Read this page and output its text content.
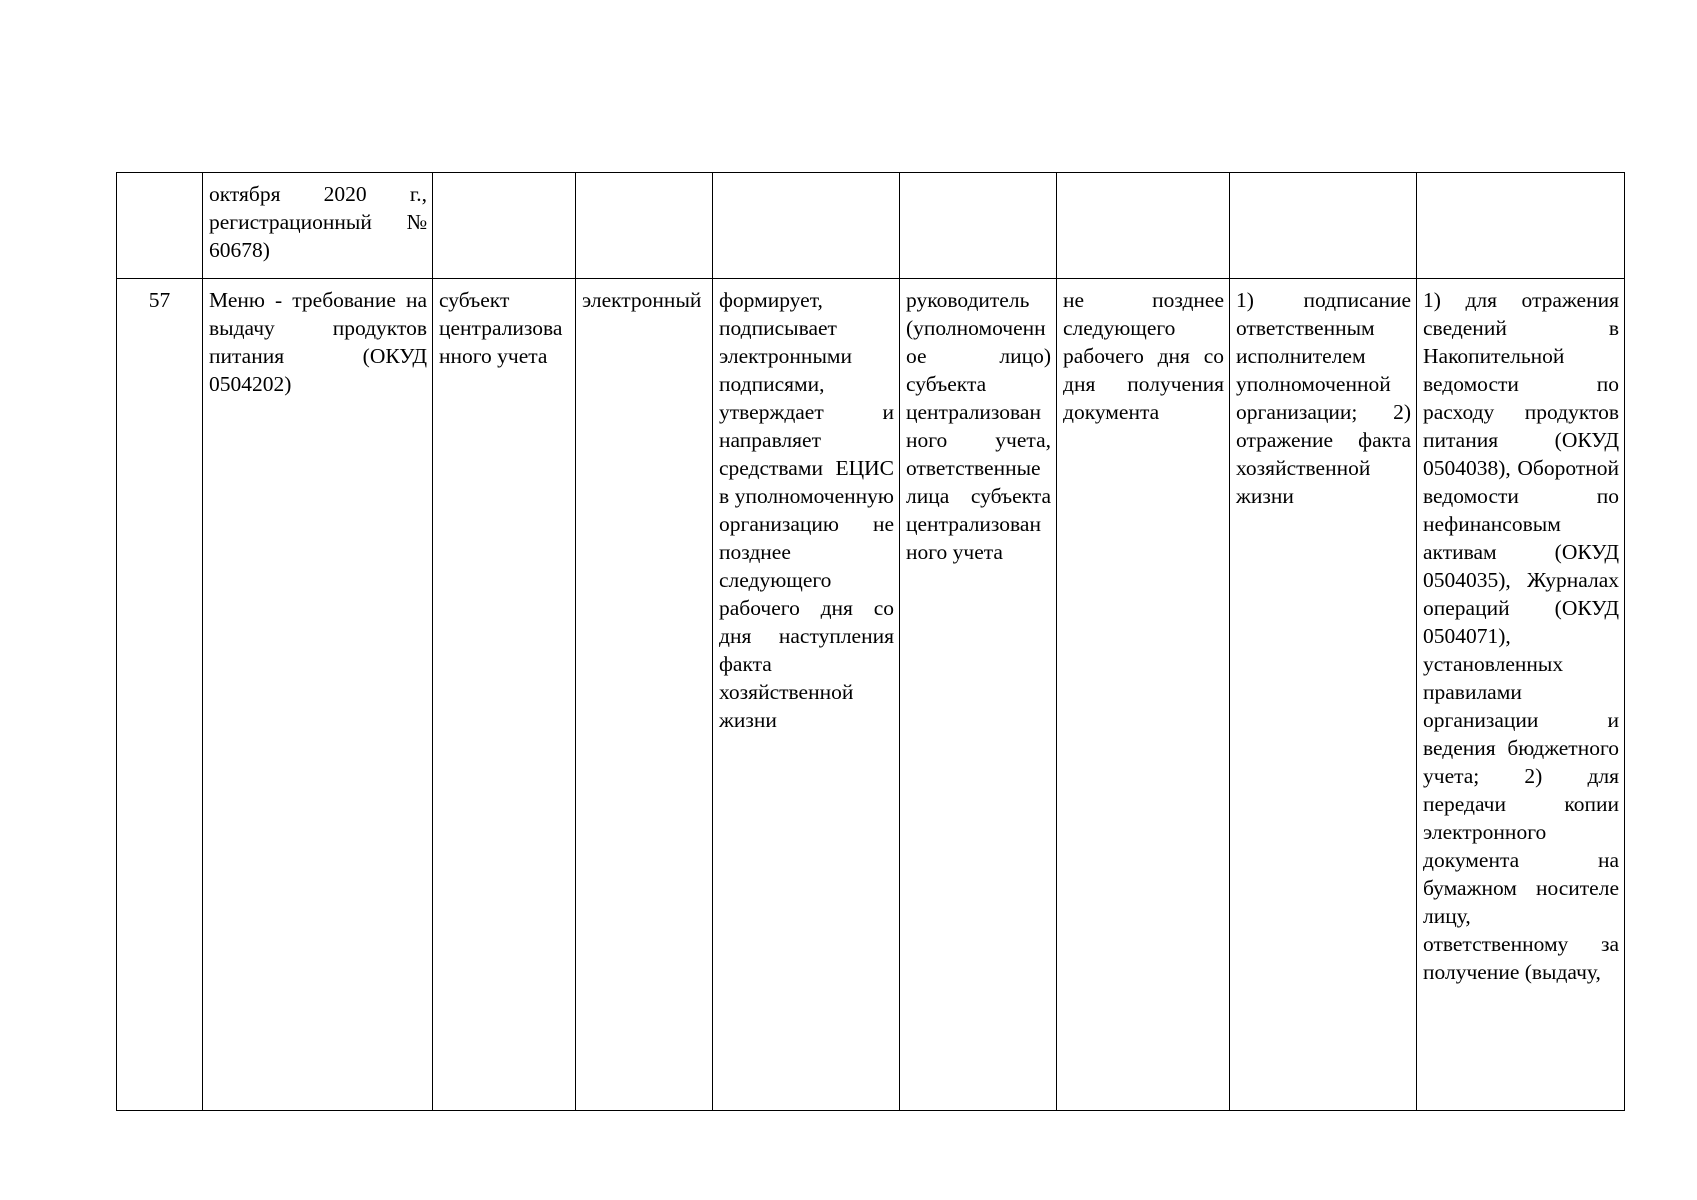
	октября 2020 г., регистрационный № 60678)							
57	Меню - требование на выдачу продуктов питания (ОКУД 0504202)	субъект централизованного учета	электронный	формирует, подписывает электронными подписями, утверждает и направляет средствами ЕЦИС в уполномоченную организацию не позднее следующего рабочего дня со дня наступления факта хозяйственной жизни	руководитель (уполномоченное лицо) субъекта централизованного учета, ответственные лица субъекта централизованного учета	не позднее следующего рабочего дня со дня получения документа	1) подписание ответственным исполнителем уполномоченной организации; 2) отражение факта хозяйственной жизни	1) для отражения сведений в Накопительной ведомости по расходу продуктов питания (ОКУД 0504038), Оборотной ведомости по нефинансовым активам (ОКУД 0504035), Журналах операций (ОКУД 0504071), установленных правилами организации и ведения бюджетного учета; 2) для передачи копии электронного документа на бумажном носителе лицу, ответственному за получение (выдачу,
